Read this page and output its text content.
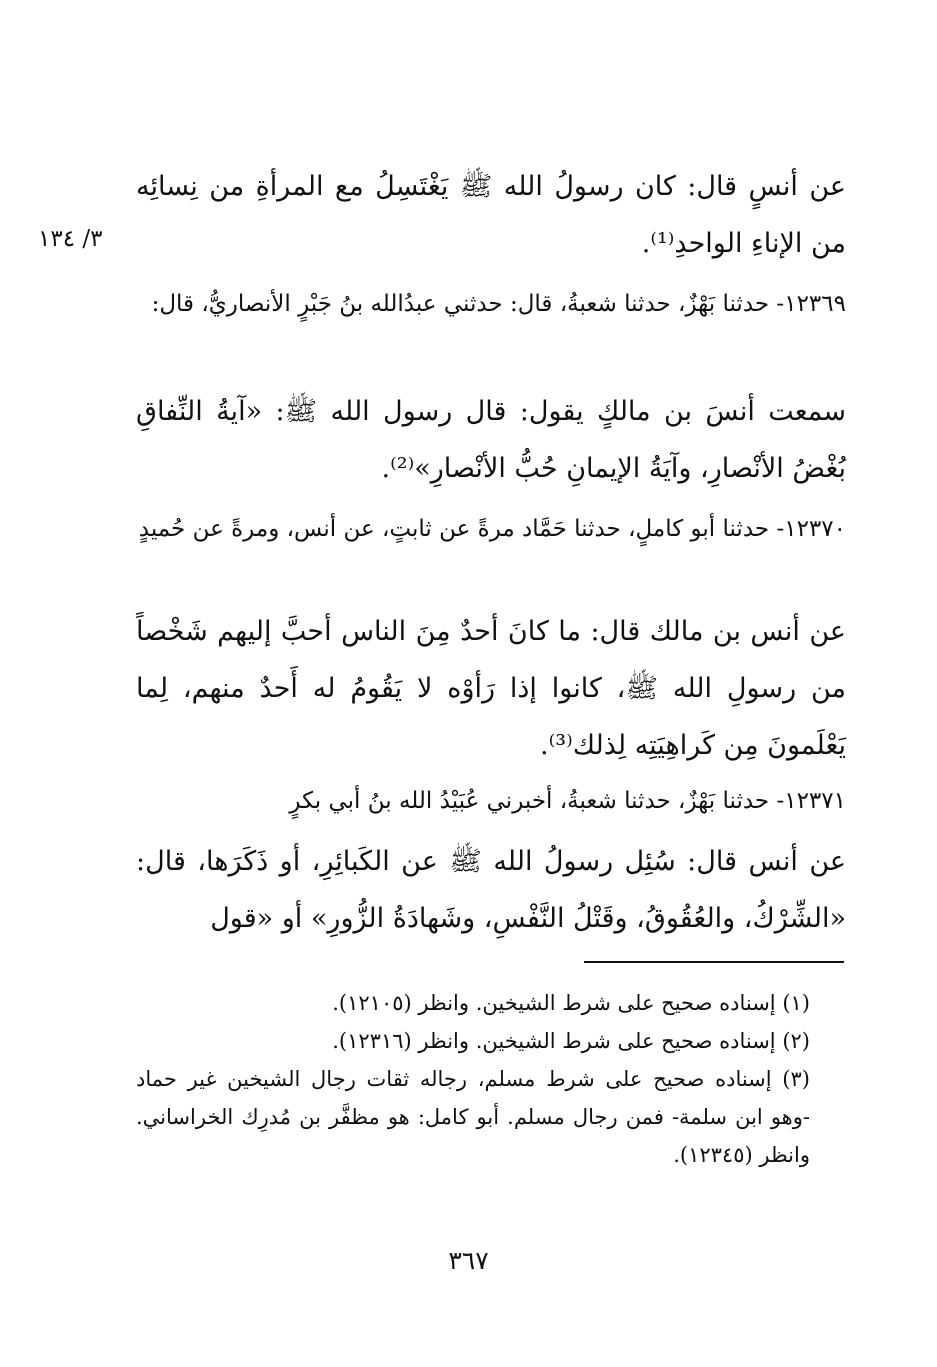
٣/ ١٣٤

عن أنسٍ قال: كان رسولُ الله ﷺ يَغْتَسِلُ مع المرأةِ من نِسائِه من الإناءِ الواحدِ⁽¹⁾.

١٢٣٦٩- حدثنا بَهْزٌ، حدثنا شعبةُ، قال: حدثني عبدُالله بنُ جَبْرٍ الأنصاريُّ، قال:

سمعت أنسَ بن مالكٍ يقول: قال رسول الله ﷺ: «آيةُ النِّفاقِ بُغْضُ الأنْصارِ، وآيَةُ الإيمانِ حُبُّ الأنْصارِ»⁽²⁾.

١٢٣٧٠- حدثنا أبو كاملٍ، حدثنا حَمَّاد مرةً عن ثابتٍ، عن أنس، ومرةً عن حُميدٍ

عن أنس بن مالك قال: ما كانَ أحدٌ مِنَ الناس أحبَّ إليهم شَخْصاً من رسولِ الله ﷺ، كانوا إذا رَأوْه لا يَقُومُ له أَحدٌ منهم، لِما يَعْلَمونَ مِن كَراهِيَتِه لِذلك⁽³⁾.

١٢٣٧١- حدثنا بَهْزٌ، حدثنا شعبةُ، أخبرني عُبَيْدُ الله بنُ أبي بكرٍ

عن أنس قال: سُئِل رسولُ الله ﷺ عن الكَبائِرِ، أو ذَكَرَها، قال: «الشِّرْكُ، والعُقُوقُ، وقَتْلُ النَّفْسِ، وشَهادَةُ الزُّورِ» أو «قول

(١) إسناده صحيح على شرط الشيخين. وانظر (١٢١٠٥).

(٢) إسناده صحيح على شرط الشيخين. وانظر (١٢٣١٦).

(٣) إسناده صحيح على شرط مسلم، رجاله ثقات رجال الشيخين غير حماد -وهو ابن سلمة- فمن رجال مسلم. أبو كامل: هو مظفَّر بن مُدرِك الخراساني. وانظر (١٢٣٤٥).

٣٦٧
